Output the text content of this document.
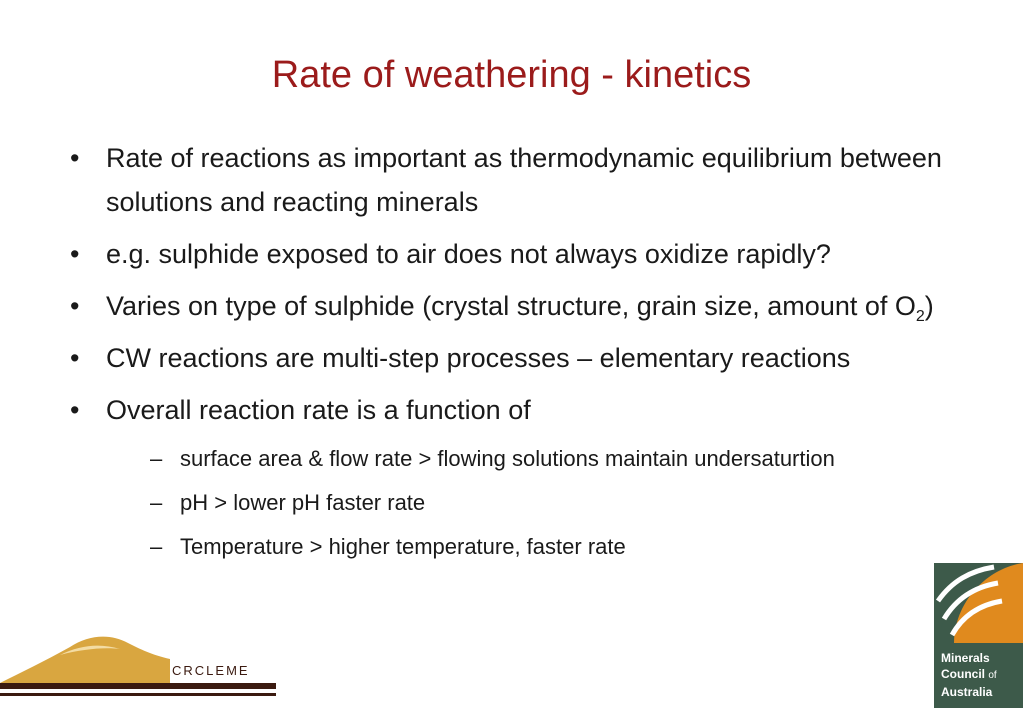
Rate of weathering - kinetics
• Rate of reactions as important as thermodynamic equilibrium between solutions and reacting minerals
• e.g. sulphide exposed to air does not always oxidize rapidly?
• Varies on type of sulphide (crystal structure, grain size, amount of $O_2$)
• CW reactions are multi-step processes – elementary reactions
• Overall reaction rate is a function of
– surface area & flow rate > flowing solutions maintain undersaturtion
– pH > lower pH faster rate
– Temperature > higher temperature, faster rate
CRCLEME
Minerals
Council of
Australia
